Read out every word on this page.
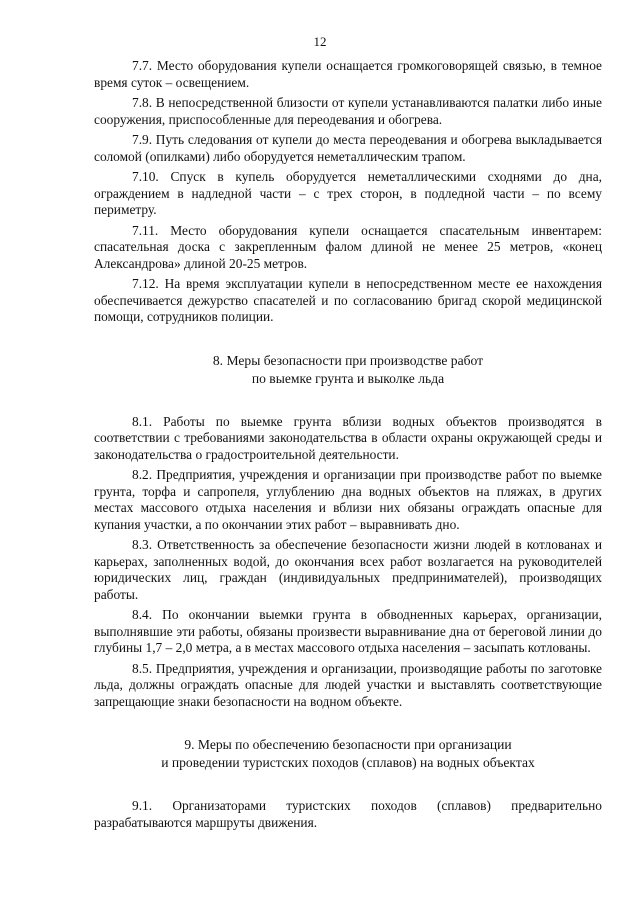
12

7.7. Место оборудования купели оснащается громкоговорящей связью, в темное время суток – освещением.

7.8. В непосредственной близости от купели устанавливаются палатки либо иные сооружения, приспособленные для переодевания и обогрева.

7.9. Путь следования от купели до места переодевания и обогрева выкладывается соломой (опилками) либо оборудуется неметаллическим трапом.

7.10. Спуск в купель оборудуется неметаллическими сходнями до дна, ограждением в надледной части – с трех сторон, в подледной части – по всему периметру.

7.11. Место оборудования купели оснащается спасательным инвентарем: спасательная доска с закрепленным фалом длиной не менее 25 метров, «конец Александрова» длиной 20-25 метров.

7.12. На время эксплуатации купели в непосредственном месте ее нахождения обеспечивается дежурство спасателей и по согласованию бригад скорой медицинской помощи, сотрудников полиции.

8. Меры безопасности при производстве работ
по выемке грунта и выколке льда

8.1. Работы по выемке грунта вблизи водных объектов производятся в соответствии с требованиями законодательства в области охраны окружающей среды и законодательства о градостроительной деятельности.

8.2. Предприятия, учреждения и организации при производстве работ по выемке грунта, торфа и сапропеля, углублению дна водных объектов на пляжах, в других местах массового отдыха населения и вблизи них обязаны ограждать опасные для купания участки, а по окончании этих работ – выравнивать дно.

8.3. Ответственность за обеспечение безопасности жизни людей в котлованах и карьерах, заполненных водой, до окончания всех работ возлагается на руководителей юридических лиц, граждан (индивидуальных предпринимателей), производящих работы.

8.4. По окончании выемки грунта в обводненных карьерах, организации, выполнявшие эти работы, обязаны произвести выравнивание дна от береговой линии до глубины 1,7 – 2,0 метра, а в местах массового отдыха населения – засыпать котлованы.

8.5. Предприятия, учреждения и организации, производящие работы по заготовке льда, должны ограждать опасные для людей участки и выставлять соответствующие запрещающие знаки безопасности на водном объекте.

9. Меры по обеспечению безопасности при организации
и проведении туристских походов (сплавов) на водных объектах

9.1. Организаторами туристских походов (сплавов) предварительно разрабатываются маршруты движения.
